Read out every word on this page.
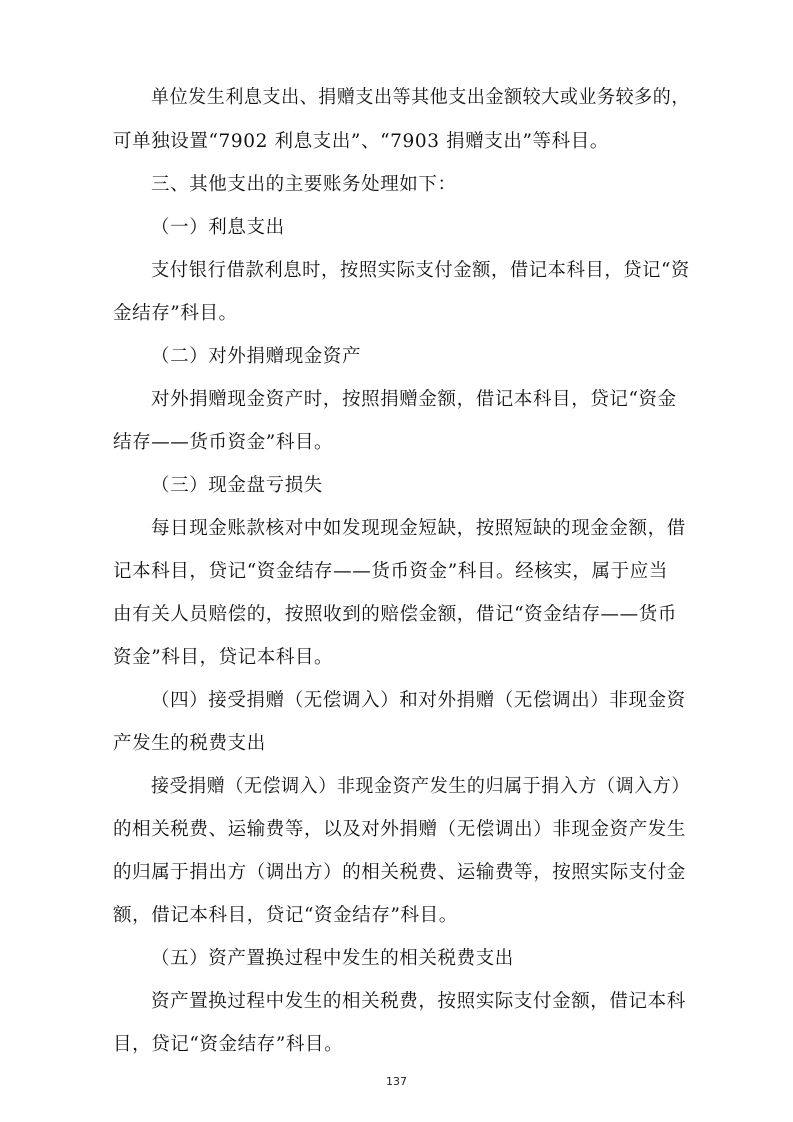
单位发生利息支出、捐赠支出等其他支出金额较大或业务较多的，
可单独设置“7902 利息支出”、“7903 捐赠支出”等科目。
三、其他支出的主要账务处理如下：
（一）利息支出
支付银行借款利息时，按照实际支付金额，借记本科目，贷记“资
金结存”科目。
（二）对外捐赠现金资产
对外捐赠现金资产时，按照捐赠金额，借记本科目，贷记“资金
结存——货币资金”科目。
（三）现金盘亏损失
每日现金账款核对中如发现现金短缺，按照短缺的现金金额，借
记本科目，贷记“资金结存——货币资金”科目。经核实，属于应当
由有关人员赔偿的，按照收到的赔偿金额，借记“资金结存——货币
资金”科目，贷记本科目。
（四）接受捐赠（无偿调入）和对外捐赠（无偿调出）非现金资
产发生的税费支出
接受捐赠（无偿调入）非现金资产发生的归属于捐入方（调入方）
的相关税费、运输费等，以及对外捐赠（无偿调出）非现金资产发生
的归属于捐出方（调出方）的相关税费、运输费等，按照实际支付金
额，借记本科目，贷记“资金结存”科目。
（五）资产置换过程中发生的相关税费支出
资产置换过程中发生的相关税费，按照实际支付金额，借记本科
目，贷记“资金结存”科目。
137
